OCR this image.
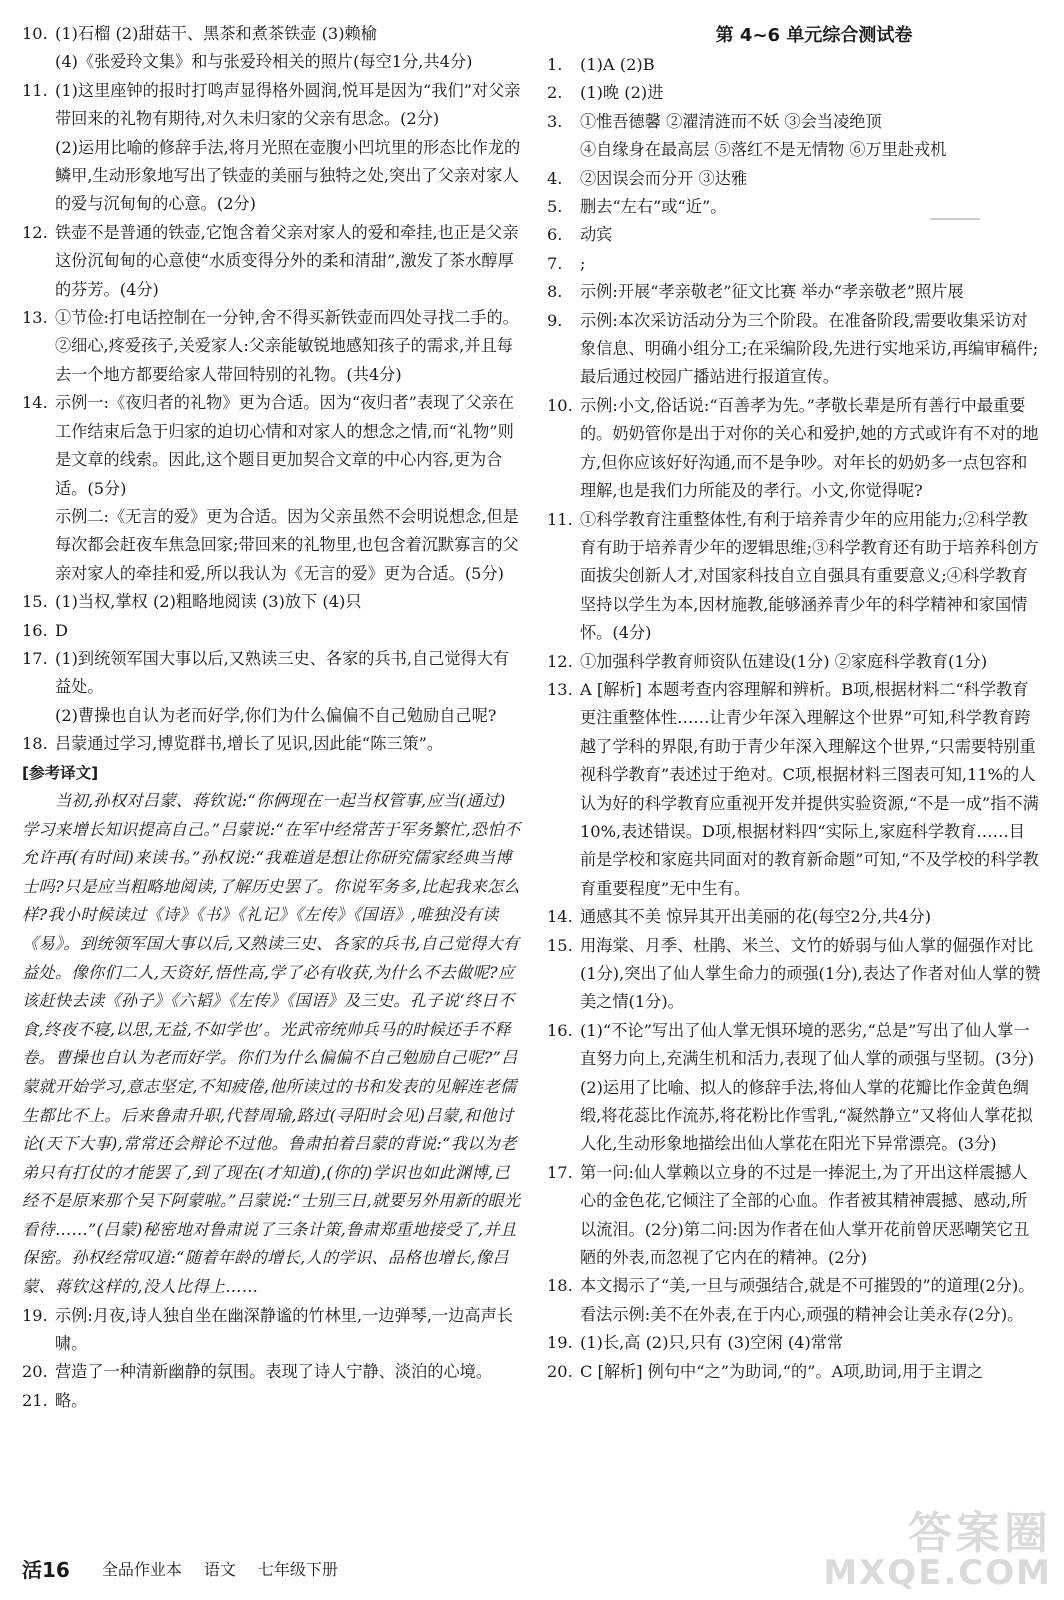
10. (1)石榴 (2)甜菇干、黑茶和煮茶铁壶 (3)赖榆

(4)《张爱玲文集》和与张爱玲相关的照片(每空1分,共4分)

11. (1)这里座钟的报时打鸣声显得格外圆润,悦耳是因为“我们”对父亲带回来的礼物有期待,对久未归家的父亲有思念。(2分)

(2)运用比喻的修辞手法,将月光照在壶腹小凹坑里的形态比作龙的鳞甲,生动形象地写出了铁壶的美丽与独特之处,突出了父亲对家人的爱与沉甸甸的心意。(2分)

12. 铁壶不是普通的铁壶,它饱含着父亲对家人的爱和牵挂,也正是父亲这份沉甸甸的心意使“水质变得分外的柔和清甜”,激发了茶水醇厚的芬芳。(4分)

13. ①节俭:打电话控制在一分钟,舍不得买新铁壶而四处寻找二手的。②细心,疼爱孩子,关爱家人:父亲能敏锐地感知孩子的需求,并且每去一个地方都要给家人带回特别的礼物。(共4分)

14. 示例一:《夜归者的礼物》更为合适。因为“夜归者”表现了父亲在工作结束后急于归家的迫切心情和对家人的想念之情,而“礼物”则是文章的线索。因此,这个题目更加契合文章的中心内容,更为合适。(5分)

示例二:《无言的爱》更为合适。因为父亲虽然不会明说想念,但是每次都会赶夜车焦急回家;带回来的礼物里,也包含着沉默寡言的父亲对家人的牵挂和爱,所以我认为《无言的爱》更为合适。(5分)

15. (1)当权,掌权 (2)粗略地阅读 (3)放下 (4)只

16. D

17. (1)到统领军国大事以后,又熟读三史、各家的兵书,自己觉得大有益处。

(2)曹操也自认为老而好学,你们为什么偏偏不自己勉励自己呢?

18. 吕蒙通过学习,博览群书,增长了见识,因此能“陈三策”。

[参考译文]

当初,孙权对吕蒙、蒋钦说:“你俩现在一起当权管事,应当(通过)学习来增长知识提高自己。”吕蒙说:“在军中经常苦于军务繁忙,恐怕不允许再(有时间)来读书。”孙权说:“我难道是想让你研究儒家经典当博士吗?只是应当粗略地阅读,了解历史罢了。你说军务多,比起我来怎么样?我小时候读过《诗》《书》《礼记》《左传》《国语》,唯独没有读《易》。到统领军国大事以后,又熟读三史、各家的兵书,自己觉得大有益处。像你们二人,天资好,悟性高,学了必有收获,为什么不去做呢?应该赶快去读《孙子》《六韬》《左传》《国语》及三史。孔子说‘终日不食,终夜不寝,以思,无益,不如学也’。光武帝统帅兵马的时候还手不释卷。曹操也自认为老而好学。你们为什么偏偏不自己勉励自己呢?”吕蒙就开始学习,意志坚定,不知疲倦,他所读过的书和发表的见解连老儒生都比不上。后来鲁肃升职,代替周瑜,路过(寻阳时会见)吕蒙,和他讨论(天下大事),常常还会辩论不过他。鲁肃拍着吕蒙的背说:“我以为老弟只有打仗的才能罢了,到了现在(才知道),(你的)学识也如此渊博,已经不是原来那个吴下阿蒙啦。”吕蒙说:“士别三日,就要另外用新的眼光看待……”(吕蒙)秘密地对鲁肃说了三条计策,鲁肃郑重地接受了,并且保密。孙权经常叹道:“随着年龄的增长,人的学识、品格也增长,像吕蒙、蒋钦这样的,没人比得上……

19. 示例:月夜,诗人独自坐在幽深静谧的竹林里,一边弹琴,一边高声长啸。

20. 营造了一种清新幽静的氛围。表现了诗人宁静、淡泊的心境。

21. 略。

第 4~6 单元综合测试卷

1. (1)A (2)B

2. (1)晚 (2)进

3. ①惟吾德馨 ②濯清涟而不妖 ③会当凌绝顶

④自缘身在最高层 ⑤落红不是无情物 ⑥万里赴戎机

4. ②因误会而分开 ③达雅

5. 删去“左右”或“近”。

6. 动宾

7. ;

8. 示例:开展“孝亲敬老”征文比赛 举办“孝亲敬老”照片展

9. 示例:本次采访活动分为三个阶段。在准备阶段,需要收集采访对象信息、明确小组分工;在采编阶段,先进行实地采访,再编审稿件;最后通过校园广播站进行报道宣传。

10. 示例:小文,俗话说:“百善孝为先。”孝敬长辈是所有善行中最重要的。奶奶管你是出于对你的关心和爱护,她的方式或许有不对的地方,但你应该好好沟通,而不是争吵。对年长的奶奶多一点包容和理解,也是我们力所能及的孝行。小文,你觉得呢?

11. ①科学教育注重整体性,有利于培养青少年的应用能力;②科学教育有助于培养青少年的逻辑思维;③科学教育还有助于培养科创方面拔尖创新人才,对国家科技自立自强具有重要意义;④科学教育坚持以学生为本,因材施教,能够涵养青少年的科学精神和家国情怀。(4分)

12. ①加强科学教育师资队伍建设(1分) ②家庭科学教育(1分)

13. A [解析] 本题考查内容理解和辨析。B项,根据材料二“科学教育更注重整体性……让青少年深入理解这个世界”可知,科学教育跨越了学科的界限,有助于青少年深入理解这个世界,“只需要特别重视科学教育”表述过于绝对。C项,根据材料三图表可知,11%的人认为好的科学教育应重视开发并提供实验资源,“不是一成”指不满10%,表述错误。D项,根据材料四“实际上,家庭科学教育……目前是学校和家庭共同面对的教育新命题”可知,“不及学校的科学教育重要程度”无中生有。

14. 通感其不美 惊异其开出美丽的花(每空2分,共4分)

15. 用海棠、月季、杜鹃、米兰、文竹的娇弱与仙人掌的倔强作对比(1分),突出了仙人掌生命力的顽强(1分),表达了作者对仙人掌的赞美之情(1分)。

16. (1)“不论”写出了仙人掌无惧环境的恶劣,“总是”写出了仙人掌一直努力向上,充满生机和活力,表现了仙人掌的顽强与坚韧。(3分)

(2)运用了比喻、拟人的修辞手法,将仙人掌的花瓣比作金黄色绸缎,将花蕊比作流苏,将花粉比作雪乳,“凝然静立”又将仙人掌花拟人化,生动形象地描绘出仙人掌花在阳光下异常漂亮。(3分)

17. 第一问:仙人掌赖以立身的不过是一捧泥土,为了开出这样震撼人心的金色花,它倾注了全部的心血。作者被其精神震撼、感动,所以流泪。(2分)第二问:因为作者在仙人掌开花前曾厌恶嘲笑它丑陋的外表,而忽视了它内在的精神。(2分)

18. 本文揭示了“美,一旦与顽强结合,就是不可摧毁的”的道理(2分)。看法示例:美不在外表,在于内心,顽强的精神会让美永存(2分)。

19. (1)长,高 (2)只,只有 (3)空闲 (4)常常

20. C [解析] 例句中“之”为助词,“的”。A项,助词,用于主谓之

活16 全品作业本 语文 七年级下册
答案圈
MXQE.COM
